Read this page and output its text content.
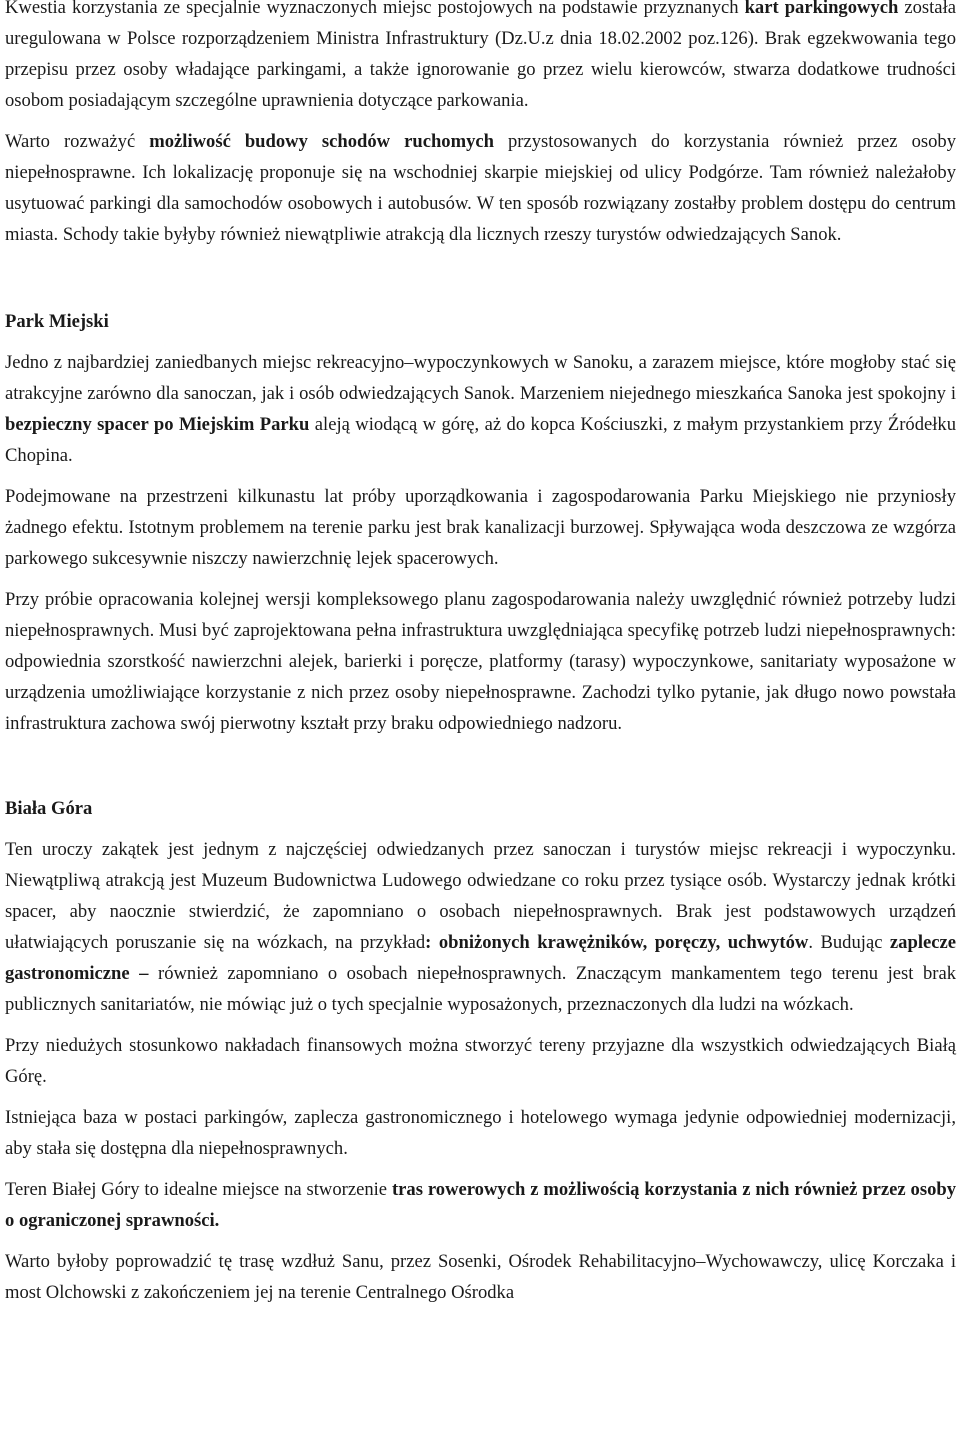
Kwestia korzystania ze specjalnie wyznaczonych miejsc postojowych na podstawie przyznanych kart parkingowych została uregulowana w Polsce rozporządzeniem Ministra Infrastruktury (Dz.U.z dnia 18.02.2002 poz.126). Brak egzekwowania tego przepisu przez osoby władające parkingami, a także ignorowanie go przez wielu kierowców, stwarza dodatkowe trudności osobom posiadającym szczególne uprawnienia dotyczące parkowania.

Warto rozważyć możliwość budowy schodów ruchomych przystosowanych do korzystania również przez osoby niepełnosprawne. Ich lokalizację proponuje się na wschodniej skarpie miejskiej od ulicy Podgórze. Tam również należałoby usytuować parkingi dla samochodów osobowych i autobusów. W ten sposób rozwiązany zostałby problem dostępu do centrum miasta. Schody takie byłyby również niewątpliwie atrakcją dla licznych rzeszy turystów odwiedzających Sanok.

Park Miejski

Jedno z najbardziej zaniedbanych miejsc rekreacyjno–wypoczynkowych w Sanoku, a zarazem miejsce, które mogłoby stać się atrakcyjne zarówno dla sanoczan, jak i osób odwiedzających Sanok. Marzeniem niejednego mieszkańca Sanoka jest spokojny i bezpieczny spacer po Miejskim Parku aleją wiodącą w górę, aż do kopca Kościuszki, z małym przystankiem przy Źródełku Chopina.

Podejmowane na przestrzeni kilkunastu lat próby uporządkowania i zagospodarowania Parku Miejskiego nie przyniosły żadnego efektu. Istotnym problemem na terenie parku jest brak kanalizacji burzowej. Spływająca woda deszczowa ze wzgórza parkowego sukcesywnie niszczy nawierzchnię lejek spacerowych.

Przy próbie opracowania kolejnej wersji kompleksowego planu zagospodarowania należy uwzględnić również potrzeby ludzi niepełnosprawnych. Musi być zaprojektowana pełna infrastruktura uwzględniająca specyfikę potrzeb ludzi niepełnosprawnych: odpowiednia szorstkość nawierzchni alejek, barierki i poręcze, platformy (tarasy) wypoczynkowe, sanitariaty wyposażone w urządzenia umożliwiające korzystanie z nich przez osoby niepełnosprawne. Zachodzi tylko pytanie, jak długo nowo powstała infrastruktura zachowa swój pierwotny kształt przy braku odpowiedniego nadzoru.

Biała Góra

Ten uroczy zakątek jest jednym z najczęściej odwiedzanych przez sanoczan i turystów miejsc rekreacji i wypoczynku. Niewątpliwą atrakcją jest Muzeum Budownictwa Ludowego odwiedzane co roku przez tysiące osób. Wystarczy jednak krótki spacer, aby naocznie stwierdzić, że zapomniano o osobach niepełnosprawnych. Brak jest podstawowych urządzeń ułatwiających poruszanie się na wózkach, na przykład: obniżonych krawężników, poręczy, uchwytów. Budując zaplecze gastronomiczne – również zapomniano o osobach niepełnosprawnych. Znaczącym mankamentem tego terenu jest brak publicznych sanitariatów, nie mówiąc już o tych specjalnie wyposażonych, przeznaczonych dla ludzi na wózkach.

Przy niedużych stosunkowo nakładach finansowych można stworzyć tereny przyjazne dla wszystkich odwiedzających Białą Górę.

Istniejąca baza w postaci parkingów, zaplecza gastronomicznego i hotelowego wymaga jedynie odpowiedniej modernizacji, aby stała się dostępna dla niepełnosprawnych.

Teren Białej Góry to idealne miejsce na stworzenie tras rowerowych z możliwością korzystania z nich również przez osoby o ograniczonej sprawności.

Warto byłoby poprowadzić tę trasę wzdłuż Sanu, przez Sosenki, Ośrodek Rehabilitacyjno–Wychowawczy, ulicę Korczaka i most Olchowski z zakończeniem jej na terenie Centralnego Ośrodka
